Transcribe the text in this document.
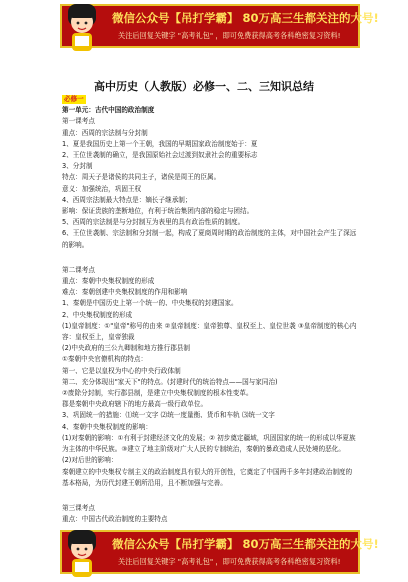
微信公众号【吊打学霸】 80万高三生都关注的大号!
关注后回复关键字 "高考礼包" ，即可免费获得高考各科绝密复习资料!
高中历史（人教版）必修一、二、三知识总结
必修一
第一单元：古代中国的政治制度
第一课考点
重点：西周的宗法制与分封制
1、夏是我国历史上第一个王朝，我国的早期国家政治制度始于：夏
2、王位世袭制的确立，是我国原始社会过渡到奴隶社会的重要标志
3、分封制
特点：周天子是诸侯的共同主子，诸侯是周王的臣属。
意义：加强统治，巩固王权
4、西周宗法制最大特点是：嫡长子继承制；
影响：保证贵族的垄断地位，有利于统治集团内部的稳定与团结。
5、西周的宗法制是与分封制互为表里的具有政治性质的制度。
6、王位世袭制、宗法制和分封制一起，构成了夏商周时期的政治制度的主体，对中国社会产生了深远的影响。
第二课考点
重点：秦朝中央集权制度的形成
难点：秦朝创建中央集权制度的作用和影响
1、秦朝是中国历史上第一个统一的、中央集权的封建国家。
2、中央集权制度的形成
(1)皇帝制度：①"皇帝"称号的由来 ②皇帝制度：皇帝独尊、皇权至上、皇位世袭 ③皇帝制度的核心内容：皇权至上，皇帝独裁
(2)中央政府的三公九卿制和地方推行郡县制
①秦朝中央官僚机构的特点：
第一、它是以皇权为中心的中央行政体制
第二、充分体现出"家天下"的特点。(封建时代的统治特点——国与家同治)
②废除分封制，实行郡县制，是建立中央集权制度的根本性变革。
郡是秦朝中央政府辖下的地方最高一级行政单位。
3、巩固统一的措施：⑴统一文字 ⑵统一度量衡、货币和车轨 ⑶统一文字
4、秦朝中央集权制度的影响：
(1)对秦朝的影响：①有利于封建经济文化的发展；② 初步奠定疆域，巩固国家的统一的形成以华夏族为主体的中华民族。③建立了地主阶级对广大人民的专制统治，秦朝的暴政造成人民处境的恶化。
(2)对后世的影响：
秦朝建立的中央集权专制主义的政治制度具有很大的开创性，它奠定了中国两千多年封建政治制度的基本格局，为历代封建王朝所沿用，且不断加强与完善。
第三课考点
重点：中国古代政治制度的主要特点
微信公众号【吊打学霸】 80万高三生都关注的大号!
关注后回复关键字 "高考礼包" ，即可免费获得高考各科绝密复习资料!
